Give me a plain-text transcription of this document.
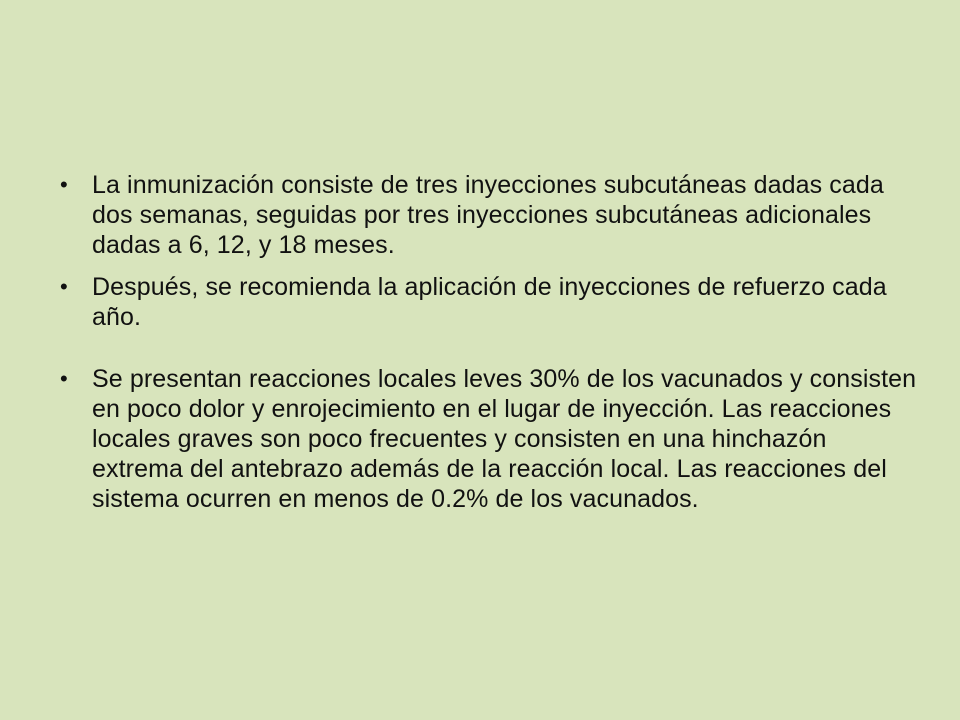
• La inmunización consiste de tres inyecciones subcutáneas dadas cada dos semanas, seguidas por tres inyecciones subcutáneas adicionales dadas a 6, 12, y 18 meses.
• Después, se recomienda la aplicación de inyecciones de refuerzo cada año.
• Se presentan reacciones locales leves 30% de los vacunados y consisten en poco dolor y enrojecimiento en el lugar de inyección. Las reacciones locales graves son poco frecuentes y consisten en una hinchazón extrema del antebrazo además de la reacción local. Las reacciones del sistema ocurren en menos de 0.2% de los vacunados.
